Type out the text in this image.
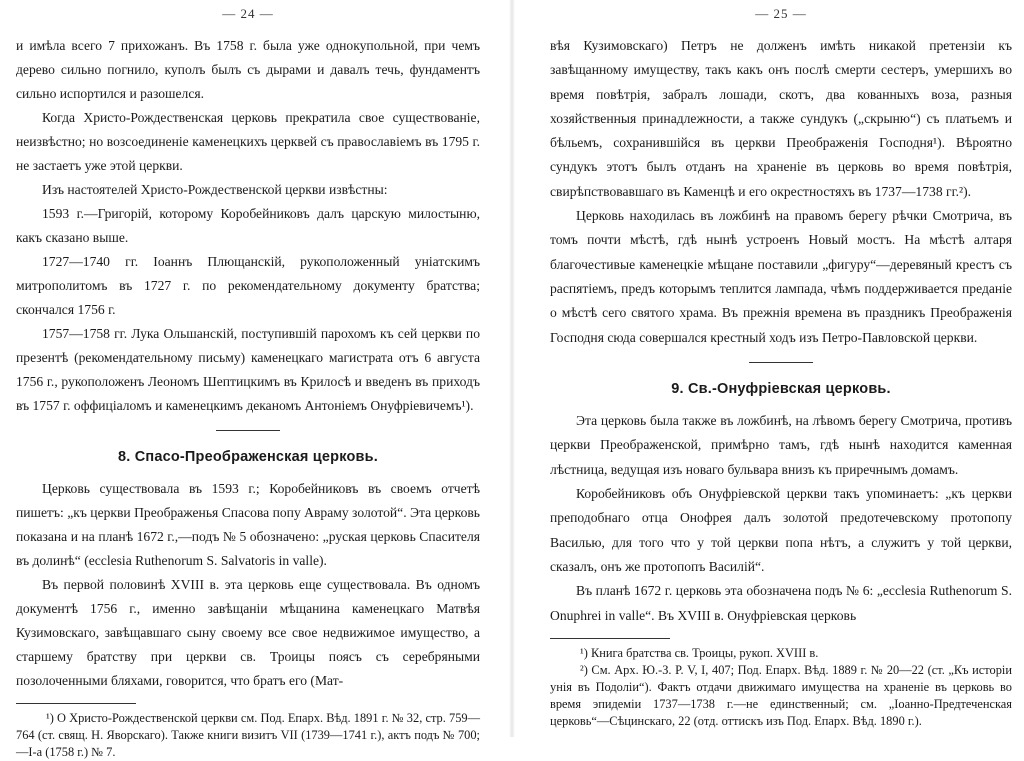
— 24 —

и имѣла всего 7 прихожанъ. Въ 1758 г. была уже однокупольной, при чемъ дерево сильно погнило, куполъ былъ съ дырами и давалъ течь, фундаментъ сильно испортился и разошелся.

Когда Христо-Рождественская церковь прекратила свое существованіе, неизвѣстно; но возсоединеніе каменецкихъ церквей съ православіемъ въ 1795 г. не застаетъ уже этой церкви.

Изъ настоятелей Христо-Рождественской церкви извѣстны:

1593 г.—Григорій, которому Коробейниковъ далъ царскую милостыню, какъ сказано выше.

1727—1740 гг. Іоаннъ Плющанскій, рукоположенный уніатскимъ митрополитомъ въ 1727 г. по рекомендательному документу братства; скончался 1756 г.

1757—1758 гг. Лука Ольшанскій, поступившій парохомъ къ сей церкви по презентѣ (рекомендательному письму) каменецкаго магистрата отъ 6 августа 1756 г., рукоположенъ Леономъ Шептицкимъ въ Крилосѣ и введенъ въ приходъ въ 1757 г. оффиціаломъ и каменецкимъ деканомъ Антоніемъ Онуфріевичемъ¹).

8. Спасо-Преображенская церковь.

Церковь существовала въ 1593 г.; Коробейниковъ въ своемъ отчетѣ пишетъ: „къ церкви Преображенья Спасова попу Авраму золотой“. Эта церковь показана и на планѣ 1672 г.,—подъ № 5 обозначено: „руская церковь Спасителя въ долинѣ“ (ecclesia Ruthenorum S. Salvatoris in valle).

Въ первой половинѣ XVIII в. эта церковь еще существовала. Въ одномъ документѣ 1756 г., именно завѣщаніи мѣщанина каменецкаго Матвѣя Кузимовскаго, завѣщавшаго сыну своему все свое недвижимое имущество, а старшему братству при церкви св. Троицы поясъ съ серебряными позолоченными бляхами, говорится, что братъ его (Мат-

¹) О Христо-Рождественской церкви см. Под. Епарх. Вѣд. 1891 г. № 32, стр. 759—764 (ст. свящ. Н. Яворскаго). Также книги визитъ VII (1739—1741 г.), актъ подъ № 700;—I-a (1758 г.) № 7.

— 25 —

вѣя Кузимовскаго) Петръ не долженъ имѣть никакой претензіи къ завѣщанному имуществу, такъ какъ онъ послѣ смерти сестеръ, умершихъ во время повѣтрія, забралъ лошади, скотъ, два кованныхъ воза, разныя хозяйственныя принадлежности, а также сундукъ („скрыню“) съ платьемъ и бѣльемъ, сохранившійся въ церкви Преображенія Господня¹). Вѣроятно сундукъ этотъ былъ отданъ на храненіе въ церковь во время повѣтрія, свирѣпствовавшаго въ Каменцѣ и его окрестностяхъ въ 1737—1738 гг.²).

Церковь находилась въ ложбинѣ на правомъ берегу рѣчки Смотрича, въ томъ почти мѣстѣ, гдѣ нынѣ устроенъ Новый мостъ. На мѣстѣ алтаря благочестивые каменецкіе мѣщане поставили „фигуру“—деревяный крестъ съ распятіемъ, предъ которымъ теплится лампада, чѣмъ поддерживается преданіе о мѣстѣ сего святого храма. Въ прежнія времена въ праздникъ Преображенія Господня сюда совершался крестный ходъ изъ Петро-Павловской церкви.

9. Св.-Онуфріевская церковь.

Эта церковь была также въ ложбинѣ, на лѣвомъ берегу Смотрича, противъ церкви Преображенской, примѣрно тамъ, гдѣ нынѣ находится каменная лѣстница, ведущая изъ новаго бульвара внизъ къ приречнымъ домамъ.

Коробейниковъ объ Онуфріевской церкви такъ упоминаетъ: „къ церкви преподобнаго отца Онофрея далъ золотой предотечевскому протопопу Василью, для того что у той церкви попа нѣтъ, а служитъ у той церкви, сказалъ, онъ же протопопъ Василій“.

Въ планѣ 1672 г. церковь эта обозначена подъ № 6: „ecclesia Ruthenorum S. Onuphrei in valle“. Въ XVIII в. Онуфріевская церковь

¹) Книга братства св. Троицы, рукоп. XVIII в.

²) См. Арх. Ю.-З. Р. V, I, 407; Под. Епарх. Вѣд. 1889 г. № 20—22 (ст. „Къ исторіи унія въ Подоліи“). Фактъ отдачи движимаго имущества на храненіе въ церковь во время эпидеміи 1737—1738 г.—не единственный; см. „Іоанно-Предтеченская церковь“—Сѣцинскаго, 22 (отд. оттискъ изъ Под. Епарх. Вѣд. 1890 г.).
